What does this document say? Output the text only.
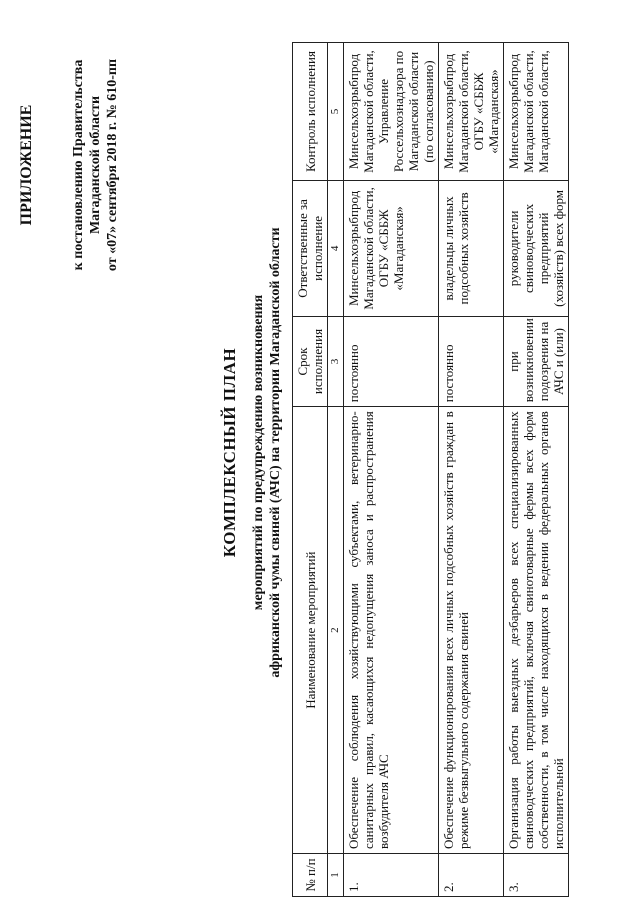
ПРИЛОЖЕНИЕ	к постановлению Правительства Магаданской области от «07» сентября 2018 г. № 610-пп
КОМПЛЕКСНЫЙ ПЛАН мероприятий по предупреждению возникновения африканской чумы свиней (АЧС) на территории Магаданской области
№ п/п	Наименование мероприятий	Срок исполнения	Ответственные за исполнение	Контроль исполнения
1	2	3	4	5
1.	Обеспечение соблюдения хозяйствующими субъектами, ветеринарно-санитарных правил, касающихся недопущения заноса и распространения возбудителя АЧС	постоянно	Минсельхозрыбпрод Магаданской области, ОГБУ «СББЖ «Магаданская»	Минсельхозрыбпрод Магаданской области, Управление Россельхознадзора по Магаданской области (по согласованию)
2.	Обеспечение функционирования всех личных подсобных хозяйств граждан в режиме безвыгульного содержания свиней	постоянно	владельцы личных подсобных хозяйств	Минсельхозрыбпрод Магаданской области, ОГБУ «СББЖ «Магаданская»
3.	Организация работы выездных дезбарьеров всех специализированных свиноводческих предприятий, включая свинотоварные фермы всех форм собственности, в том числе находящихся в ведении федеральных органов исполнительной	при возникновении подозрения на АЧС и (или)	руководители свиноводческих предприятий (хозяйств) всех форм	Минсельхозрыбпрод Магаданской области, Магаданской области,
